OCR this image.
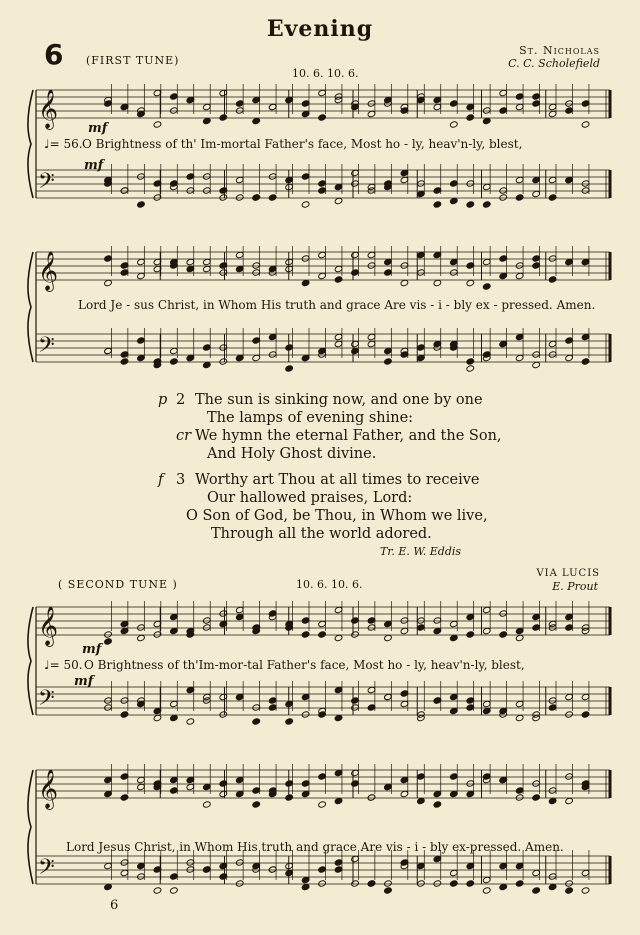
Evening
6 (FIRST TUNE)
St. Nicholas
C. C. Scholefield
10. 6. 10. 6.
𝄞
𝄢
𝄞
𝄢
𝄞
𝄢
𝄞
𝄢
mf
♩= 56. O Brightness of th' Im-mortal Father's face, Most ho - ly, heav'n-ly, blest,
mf
Lord Je - sus Christ, in Whom His truth and grace Are vis - i - bly ex - pressed. Amen.
p 2 The sun is sinking now, and one by one
The lamps of evening shine:
cr We hymn the eternal Father, and the Son,
And Holy Ghost divine.
f 3 Worthy art Thou at all times to receive
Our hallowed praises, Lord:
O Son of God, be Thou, in Whom we live,
Through all the world adored.
Tr. E. W. Eddis
( SECOND TUNE )	10. 6. 10. 6.
VIA LUCIS
E. Prout
mf
♩= 50. O Brightness of th'Im-mor-tal Father's face, Most ho - ly, heav'n-ly, blest,
mf
Lord Jesus Christ, in Whom His truth and grace Are vis - i - bly ex-pressed. Amen.
6
